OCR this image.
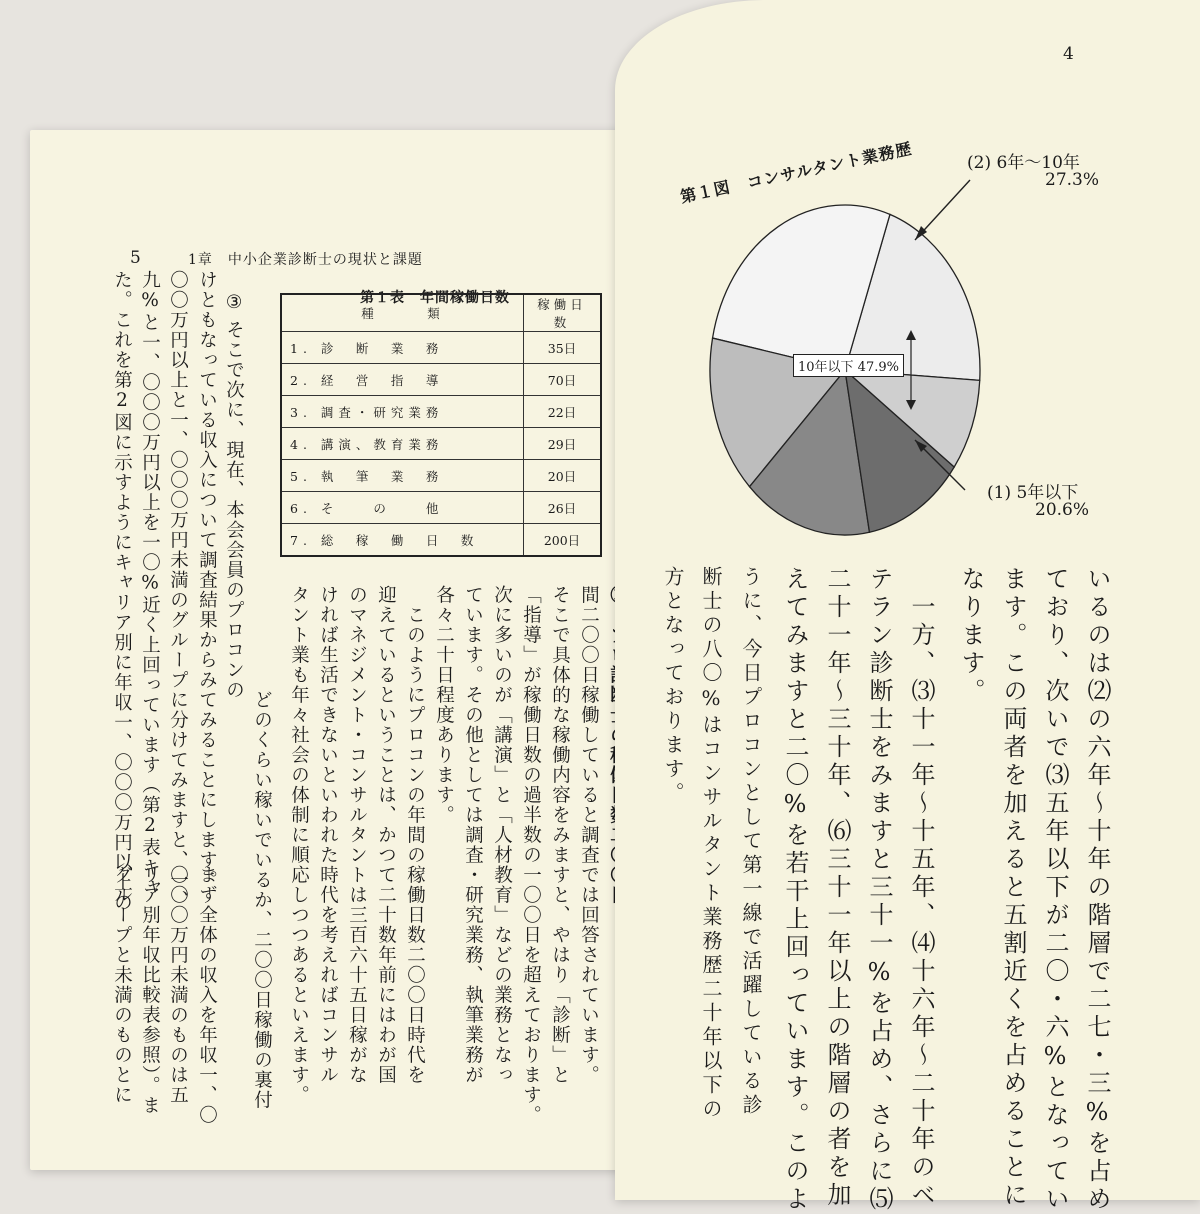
5	1章　中小企業診断士の現状と課題
第１表　年間稼働日数
種　　　類	稼働日数
1. 診　断　業　務	35日
2. 経　営　指　導	70日
3. 調査・研究業務	22日
4. 講演、教育業務	29日
5. 執　筆　業　務	20日
6. そ　　の　　他	26日
7. 総　稼　働　日　数	200日
③
そこで次に、現在、本会会員のプロコンの
けともなっている収入について調査結果からみてみることにします。
〇〇万円以上と一、〇〇〇万円未満のグループに分けてみますと、一、
九%と一、〇〇〇万円以上を一〇%近く上回っています（第2表キャ
た。これを第2図に示すようにキャリア別に年収一、〇〇〇万円以上の	どのくらい稼いでいるか、二〇〇日稼働の裏付
まず全体の収入を年収一、〇
〇〇〇万円未満のものは五
リア別年収比較表参照）。ま
グループと未満のものとに	間二〇〇日稼働していると調査では回答されています。
そこで具体的な稼働内容をみますと、やはり「診断」と
「指導」が稼働日数の過半数の一〇〇日を超えております。
次に多いのが「講演」と「人材教育」などの業務となっ
ています。その他としては調査・研究業務、執筆業務が
各々二十日程度あります。
　このようにプロコンの年間の稼働日数二〇〇日時代を
迎えているということは、かつて二十数年前にはわが国
のマネジメント・コンサルタントは三百六十五日稼がな
ければ生活できないといわれた時代を考えればコンサル
タント業も年々社会の体制に順応しつつあるといえます。
4
第１図　コンサルタント業務歴	(2) 6年～10年
27.3%
10年以下 47.9%
(1) 5年以下
20.6%
いるのは⑵の六年～十年の階層で二七・三%を占め
ており、次いで⑶五年以下が二〇・六%となってい
ます。この両者を加えると五割近くを占めることに
なります。
　一方、⑶十一年～十五年、⑷十六年～二十年のベ
テラン診断士をみますと三十一%を占め、さらに⑸
二十一年～三十年、⑹三十一年以上の階層の者を加
えてみますと二〇%を若干上回っています。このよ
うに、今日プロコンとして第一線で活躍している診
断士の八〇%はコンサルタント業務歴二十年以下の
方となっております。
